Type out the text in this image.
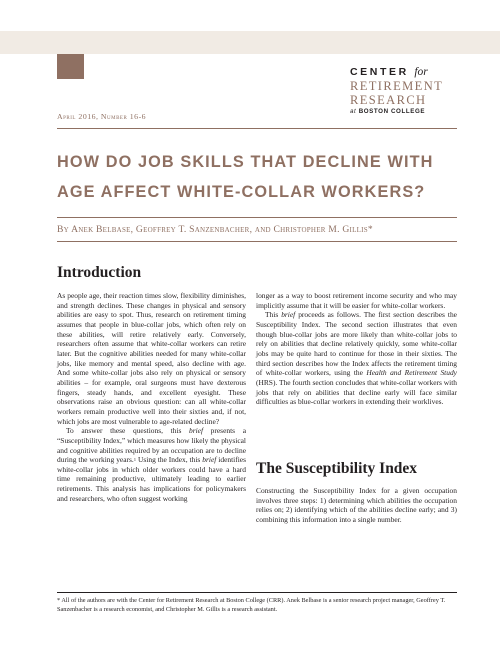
CENTER for
RETIREMENT
RESEARCH
at BOSTON COLLEGE
April 2016, Number 16-6
HOW DO JOB SKILLS THAT DECLINE WITH AGE AFFECT WHITE-COLLAR WORKERS?
By Anek Belbase, Geoffrey T. Sanzenbacher, and Christopher M. Gillis*
Introduction

As people age, their reaction times slow, flexibility diminishes, and strength declines. These changes in physical and sensory abilities are easy to spot. Thus, research on retirement timing assumes that people in blue-collar jobs, which often rely on these abilities, will retire relatively early. Conversely, researchers often assume that white-collar workers can retire later. But the cognitive abilities needed for many white-collar jobs, like memory and mental speed, also decline with age. And some white-collar jobs also rely on physical or sensory abilities – for example, oral surgeons must have dexterous fingers, steady hands, and excellent eyesight. These observations raise an obvious question: can all white-collar workers remain productive well into their sixties and, if not, which jobs are most vulnerable to age-related decline?

To answer these questions, this brief presents a “Susceptibility Index,” which measures how likely the physical and cognitive abilities required by an occupation are to decline during the working years.$^1$ Using the Index, this brief identifies white-collar jobs in which older workers could have a hard time remaining productive, ultimately leading to earlier retirements. This analysis has implications for policymakers and researchers, who often suggest working

longer as a way to boost retirement income security and who may implicitly assume that it will be easier for white-collar workers.

This brief proceeds as follows. The first section describes the Susceptibility Index. The second section illustrates that even though blue-collar jobs are more likely than white-collar jobs to rely on abilities that decline relatively quickly, some white-collar jobs may be quite hard to continue for those in their sixties. The third section describes how the Index affects the retirement timing of white-collar workers, using the Health and Retirement Study (HRS). The fourth section concludes that white-collar workers with jobs that rely on abilities that decline early will face similar difficulties as blue-collar workers in extending their worklives.

The Susceptibility Index

Constructing the Susceptibility Index for a given occupation involves three steps: 1) determining which abilities the occupation relies on; 2) identifying which of the abilities decline early; and 3) combining this information into a single number.

* All of the authors are with the Center for Retirement Research at Boston College (CRR). Anek Belbase is a senior research project manager, Geoffrey T. Sanzenbacher is a research economist, and Christopher M. Gillis is a research assistant.
